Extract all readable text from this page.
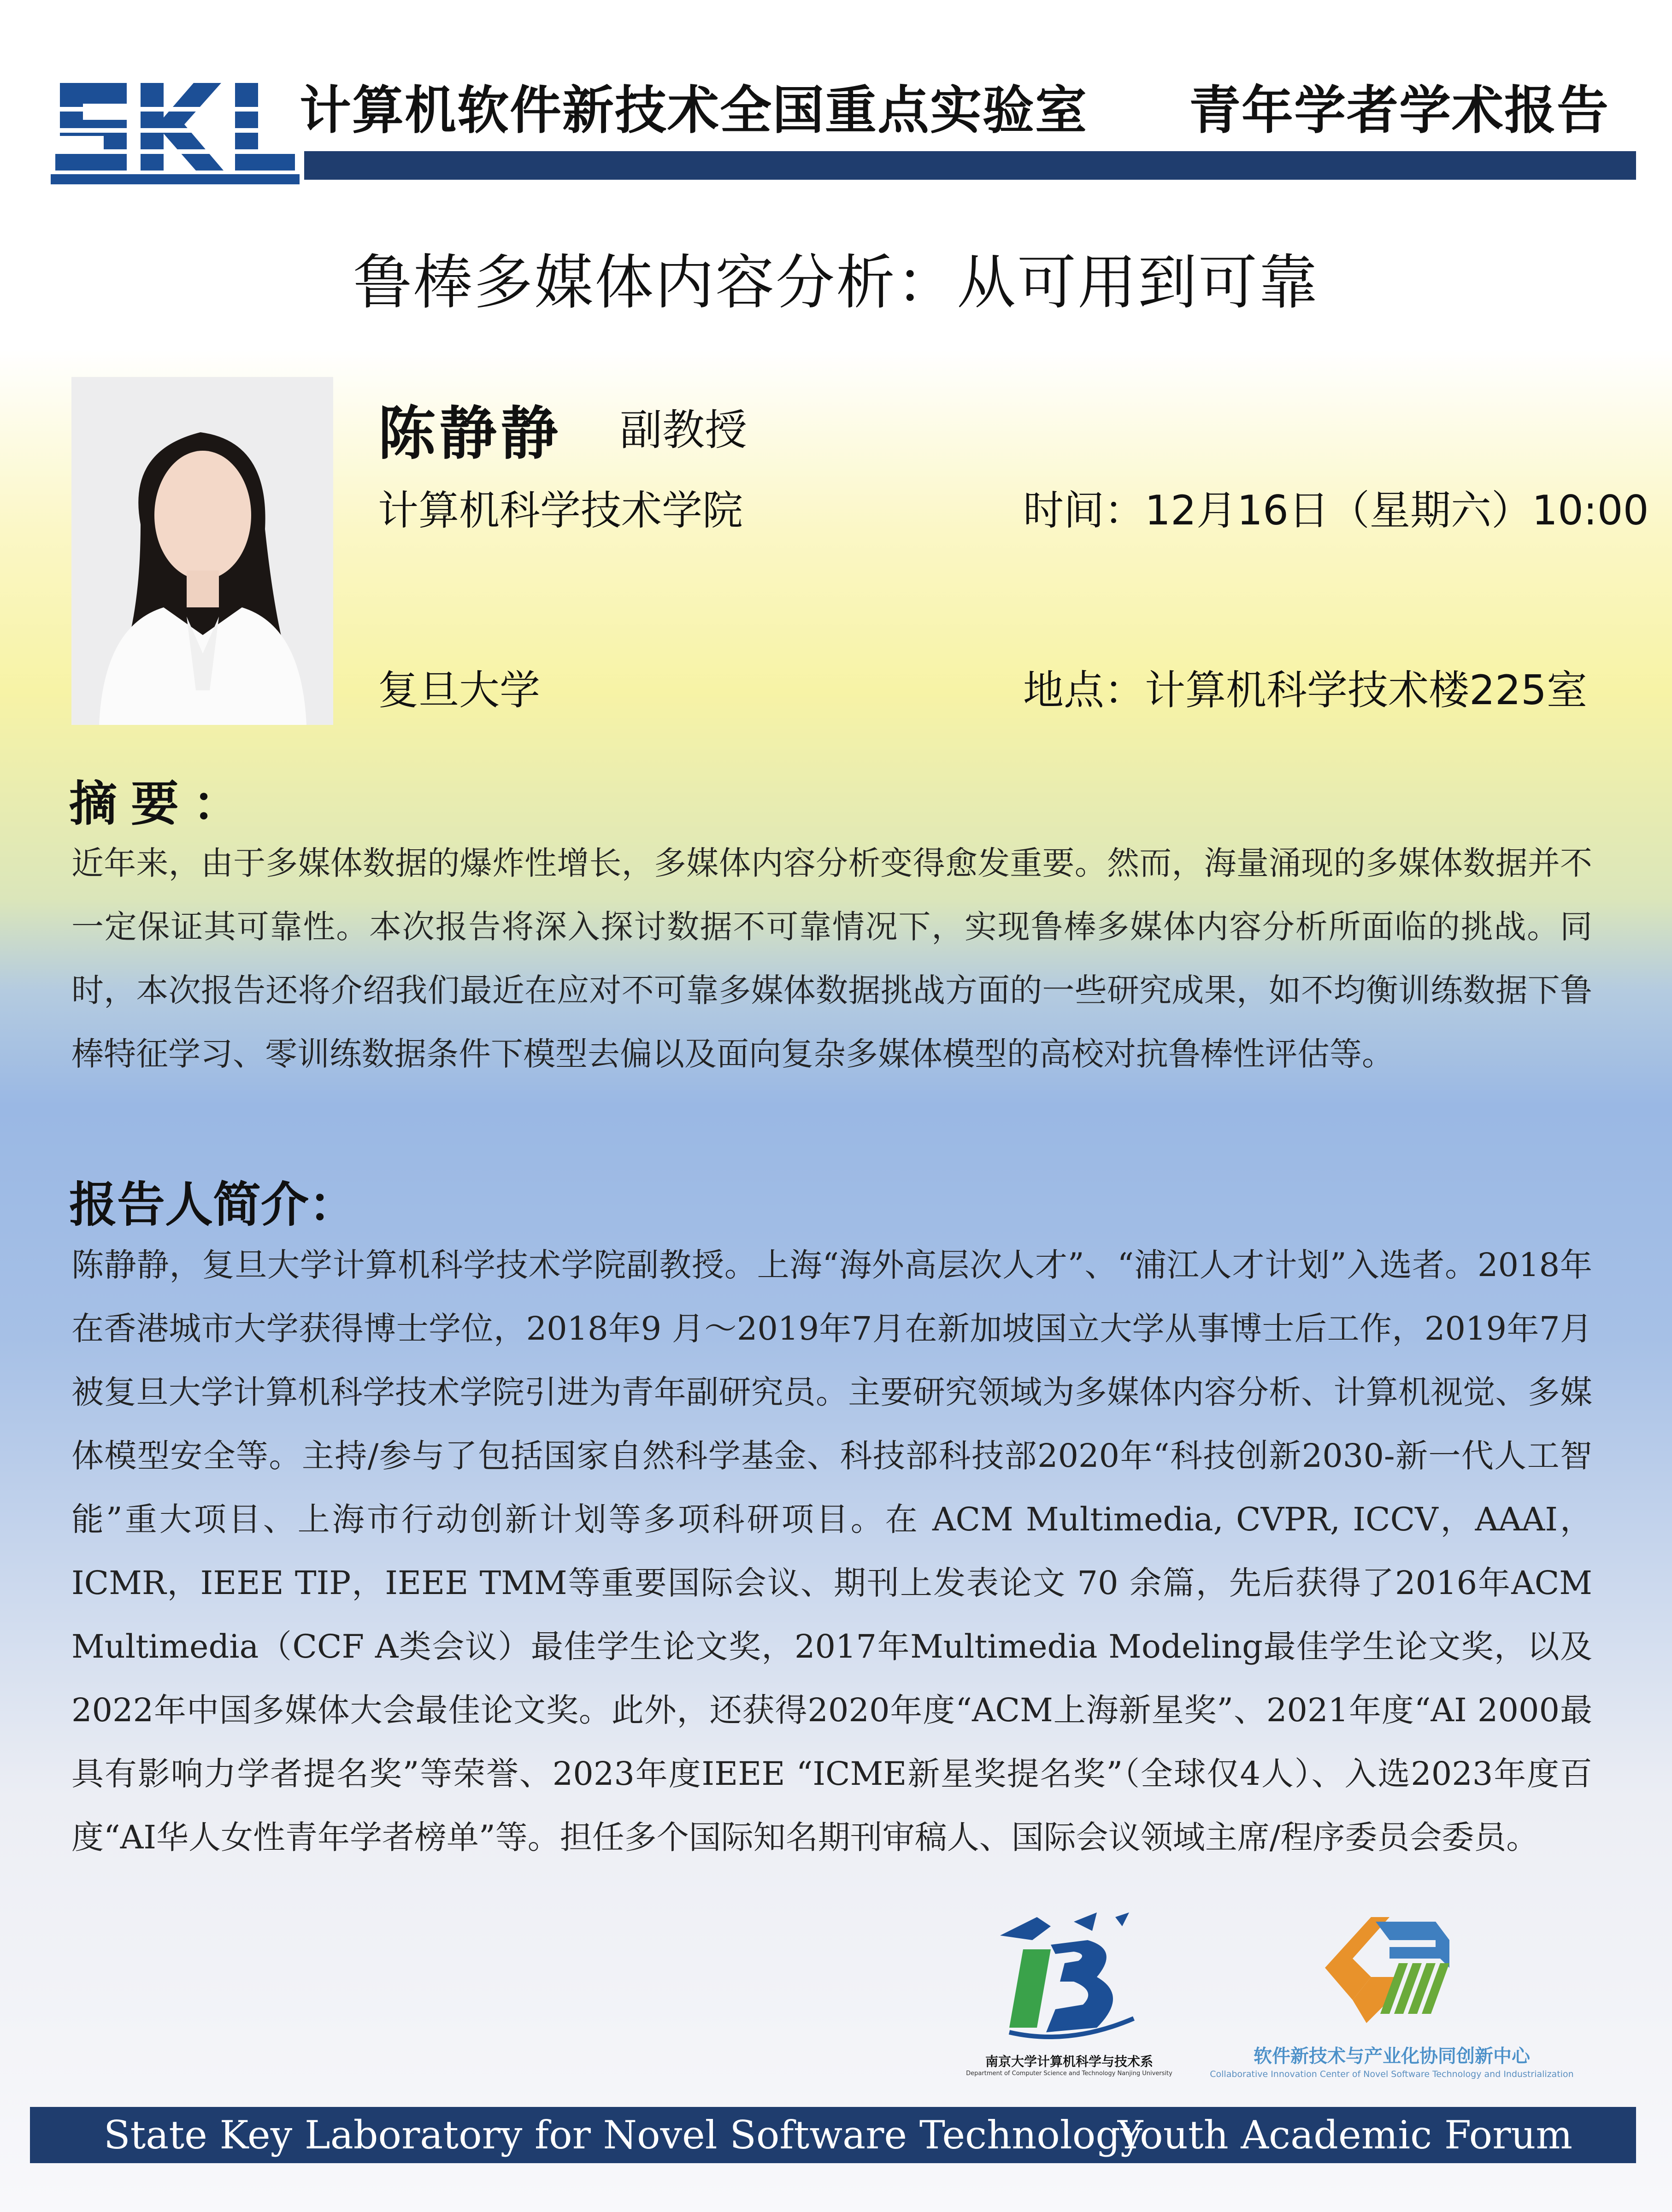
计算机软件新技术全国重点实验室 青年学者学术报告
鲁棒多媒体内容分析：从可用到可靠
陈静静 副教授
计算机科学技术学院
复旦大学
时间：12月16日（星期六）10:00
地点：计算机科学技术楼225室
摘要：
近年来，由于多媒体数据的爆炸性增长，多媒体内容分析变得愈发重要。然而，海量涌现的多媒体数据并不一定保证其可靠性。本次报告将深入探讨数据不可靠情况下，实现鲁棒多媒体内容分析所面临的挑战。同时，本次报告还将介绍我们最近在应对不可靠多媒体数据挑战方面的一些研究成果，如不均衡训练数据下鲁棒特征学习、零训练数据条件下模型去偏以及面向复杂多媒体模型的高校对抗鲁棒性评估等。
报告人简介：
陈静静，复旦大学计算机科学技术学院副教授。上海“海外高层次人才”、“浦江人才计划”入选者。2018年在香港城市大学获得博士学位，2018年9 月～2019年7月在新加坡国立大学从事博士后工作，2019年7月被复旦大学计算机科学技术学院引进为青年副研究员。主要研究领域为多媒体内容分析、计算机视觉、多媒体模型安全等。主持/参与了包括国家自然科学基金、科技部科技部2020年“科技创新2030-新一代人工智能”重大项目、上海市行动创新计划等多项科研项目。在 ACM Multimedia, CVPR, ICCV，AAAI，ICMR，IEEE TIP，IEEE TMM等重要国际会议、期刊上发表论文 70 余篇，先后获得了2016年ACM Multimedia（CCF A类会议）最佳学生论文奖，2017年Multimedia Modeling最佳学生论文奖，以及2022年中国多媒体大会最佳论文奖。此外，还获得2020年度“ACM上海新星奖”、2021年度“AI 2000最具有影响力学者提名奖”等荣誉、2023年度IEEE “ICME新星奖提名奖”（全球仅4人）、入选2023年度百度“AI华人女性青年学者榜单”等。担任多个国际知名期刊审稿人、国际会议领域主席/程序委员会委员。
南京大学计算机科学与技术系
Department of Computer Science and Technology Nanjing University
软件新技术与产业化协同创新中心
Collaborative Innovation Center of Novel Software Technology and Industrialization
State Key Laboratory for Novel Software Technology
Youth Academic Forum
